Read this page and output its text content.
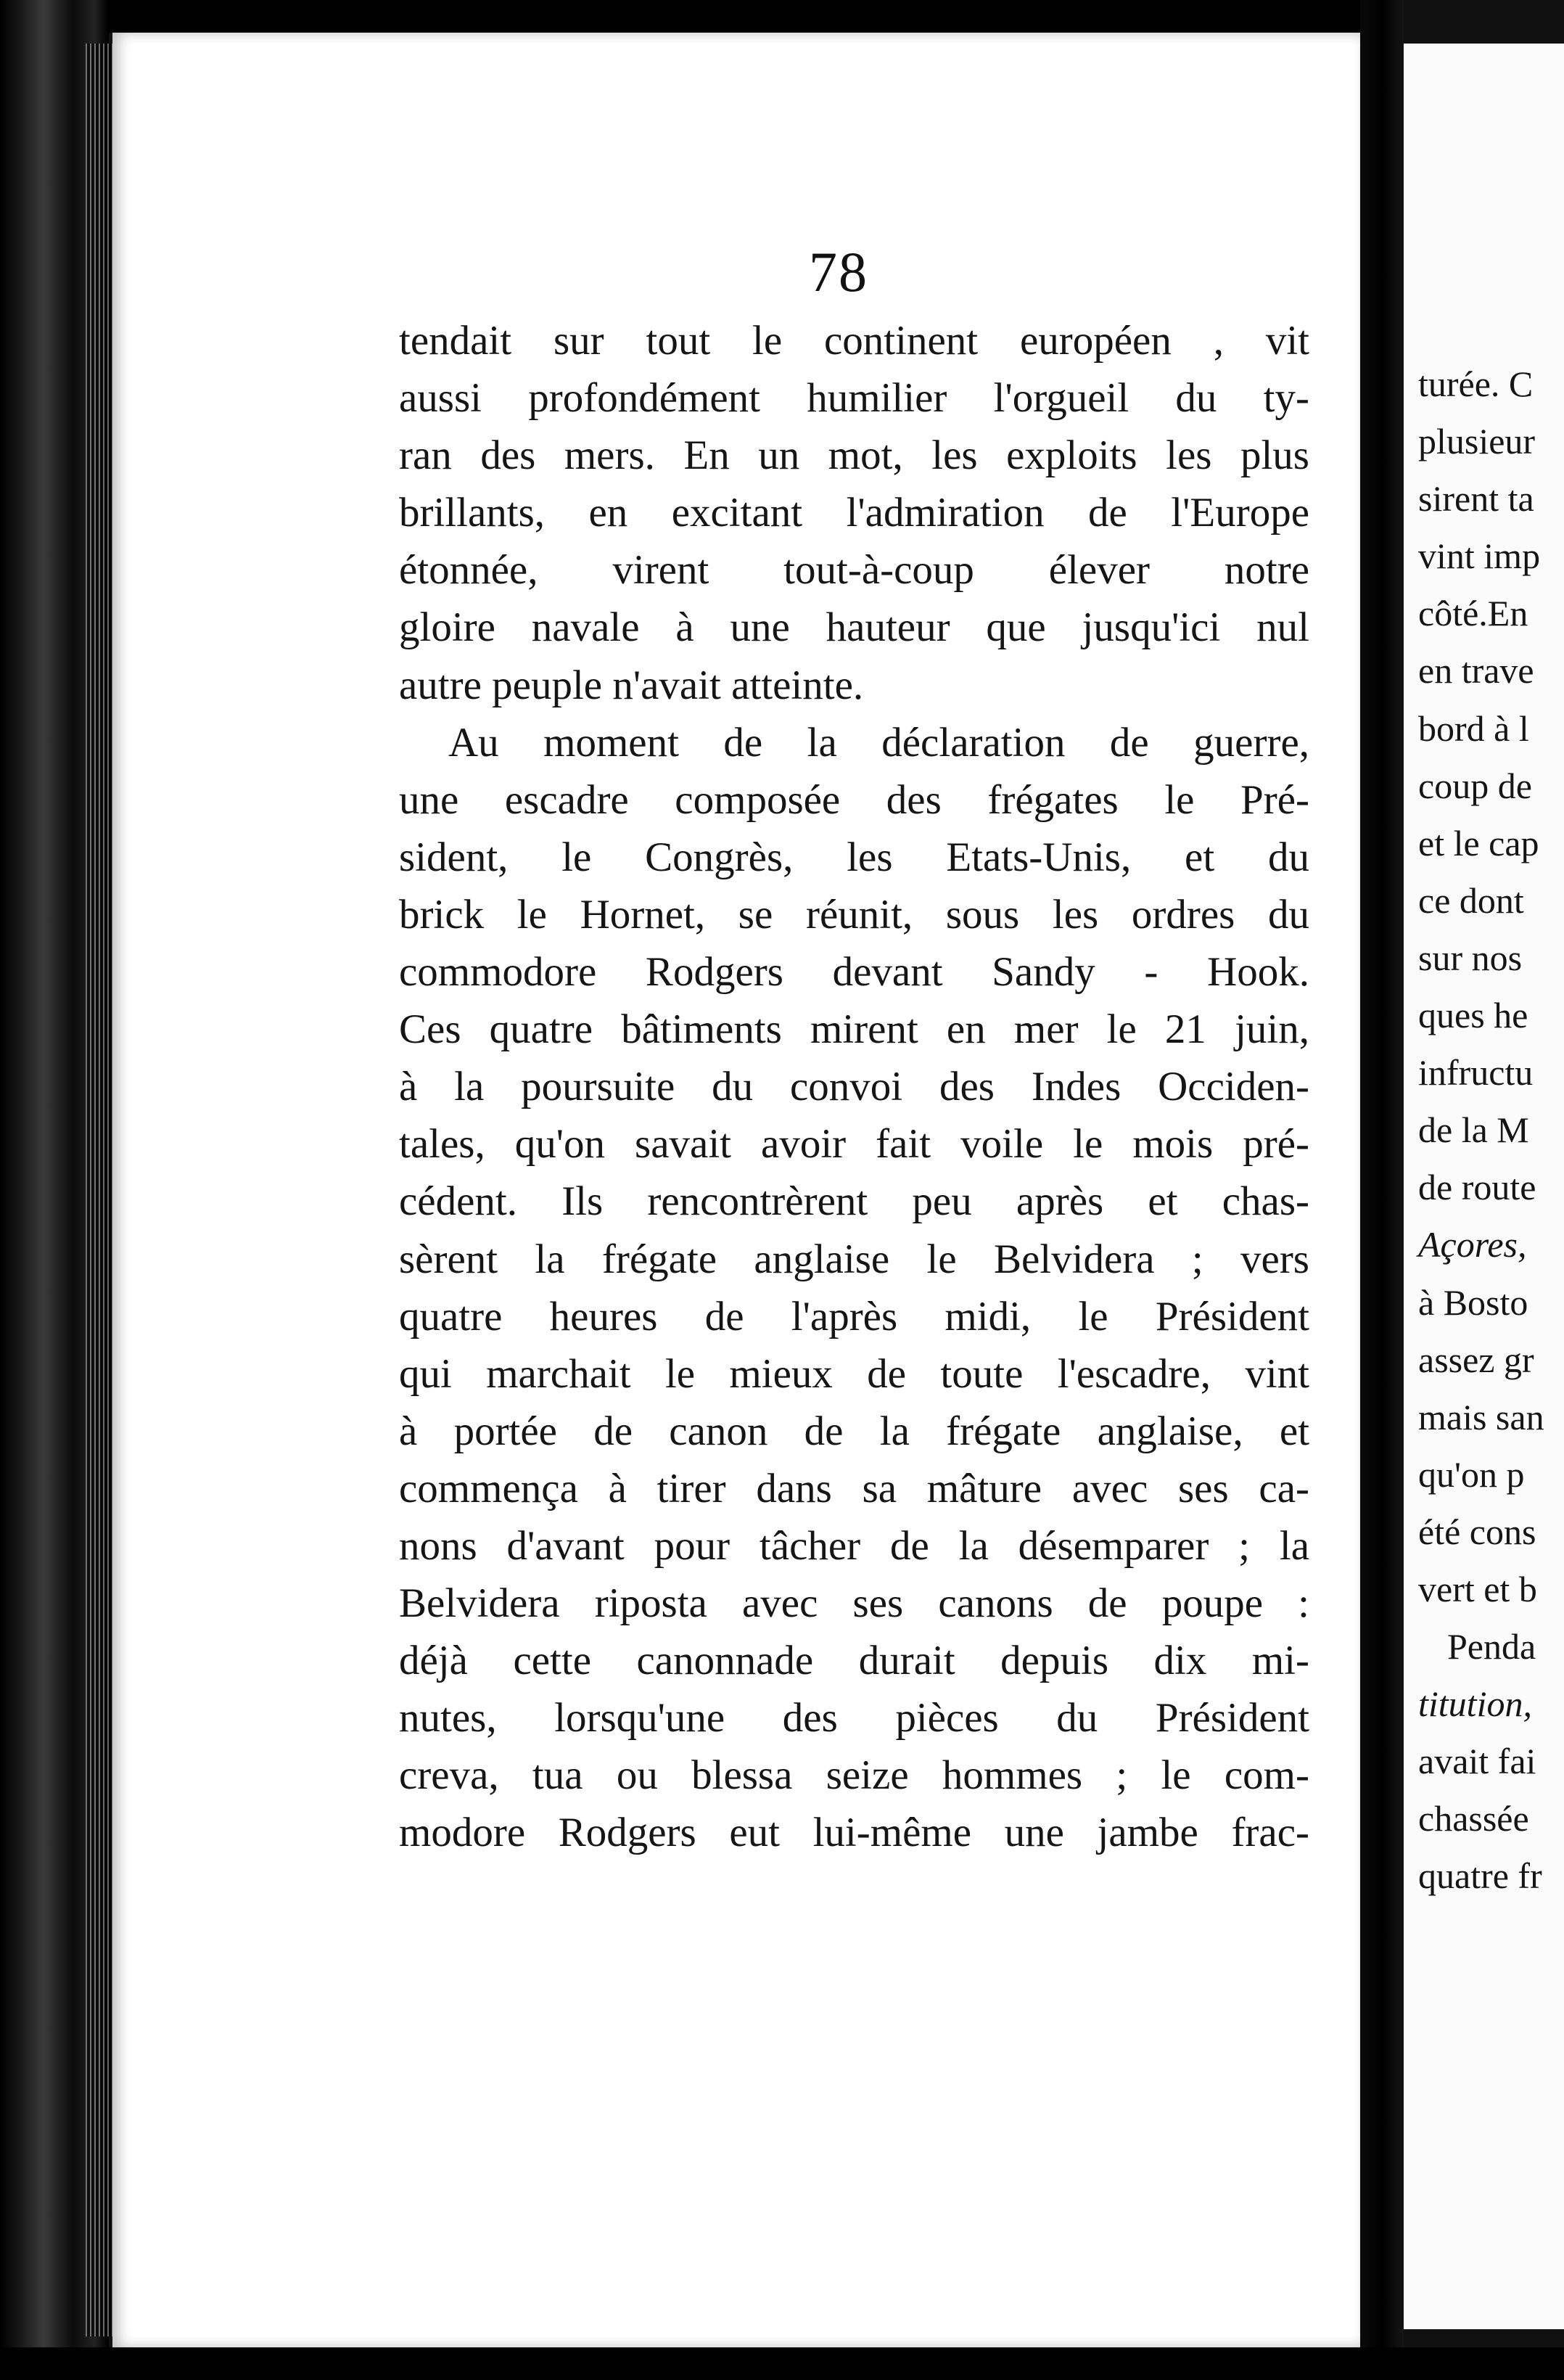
turée. C
plusieur
sirent ta
vint imp
côté.En
en trave
bord à l
coup de
et le cap
ce dont
sur nos
ques he
infructu
de la M
de route
Açores,
à Bosto
assez gr
mais san
qu'on p
été cons
vert et b
Penda
titution,
avait fai
chassée
quatre fr
78
tendait sur tout le continent européen , vit
aussi profondément humilier l'orgueil du ty-
ran des mers. En un mot, les exploits les plus
brillants, en excitant l'admiration de l'Europe
étonnée, virent tout-à-coup élever notre
gloire navale à une hauteur que jusqu'ici nul
autre peuple n'avait atteinte.
Au moment de la déclaration de guerre,
une escadre composée des frégates le Pré-
sident, le Congrès, les Etats-Unis, et du
brick le Hornet, se réunit, sous les ordres du
commodore Rodgers devant Sandy - Hook.
Ces quatre bâtiments mirent en mer le 21 juin,
à la poursuite du convoi des Indes Occiden-
tales, qu'on savait avoir fait voile le mois pré-
cédent. Ils rencontrèrent peu après et chas-
sèrent la frégate anglaise le Belvidera ; vers
quatre heures de l'après midi, le Président
qui marchait le mieux de toute l'escadre, vint
à portée de canon de la frégate anglaise, et
commença à tirer dans sa mâture avec ses ca-
nons d'avant pour tâcher de la désemparer ; la
Belvidera riposta avec ses canons de poupe :
déjà cette canonnade durait depuis dix mi-
nutes, lorsqu'une des pièces du Président
creva, tua ou blessa seize hommes ; le com-
modore Rodgers eut lui-même une jambe frac-
